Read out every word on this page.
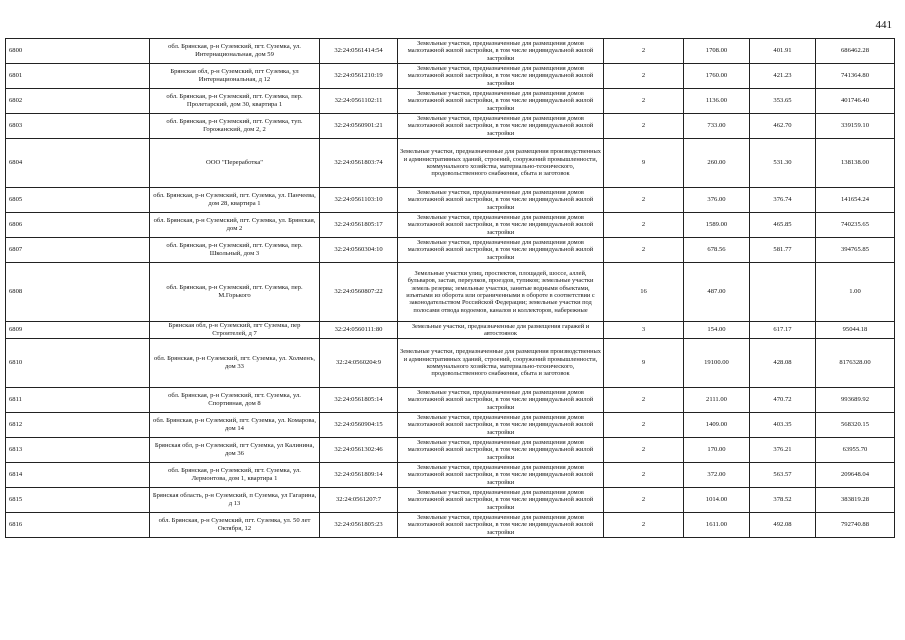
441
6800	обл. Брянская, р-н Суземский, пгт. Суземка, ул. Интернациональная, дом 59	32:24:0561414:54	Земельные участки, предназначенные для размещения домов малоэтажной жилой застройки, в том числе индивидуальной жилой застройки	2	1708.00	401.91	686462.28
6801	Брянская обл, р-н Суземский, пгт Суземка, ул Интернациональная, д 12	32:24:0561210:19	Земельные участки, предназначенные для размещения домов малоэтажной жилой застройки, в том числе индивидуальной жилой застройки	2	1760.00	421.23	741364.80
6802	обл. Брянская, р-н Суземский, пгт. Суземка, пер. Пролетарский, дом 30, квартира 1	32:24:0561102:11	Земельные участки, предназначенные для размещения домов малоэтажной жилой застройки, в том числе индивидуальной жилой застройки	2	1136.00	353.65	401746.40
6803	обл. Брянская, р-н Суземский, пгт. Суземка, туп. Горожанский, дом 2, 2	32:24:0560901:21	Земельные участки, предназначенные для размещения домов малоэтажной жилой застройки, в том числе индивидуальной жилой застройки	2	733.00	462.70	339159.10
6804	ООО "Переработка"	32:24:0561803:74	Земельные участки, предназначенные для размещения производственных и административных зданий, строений, сооружений промышленности, коммунального хозяйства, материально-технического, продовольственного снабжения, сбыта и заготовок	9	260.00	531.30	138138.00
6805	обл. Брянская, р-н Суземский, пгт. Суземка, ул. Панчеева, дом 28, квартира 1	32:24:0561103:10	Земельные участки, предназначенные для размещения домов малоэтажной жилой застройки, в том числе индивидуальной жилой застройки	2	376.00	376.74	141654.24
6806	обл. Брянская, р-н Суземский, пгт. Суземка, ул. Брянская, дом 2	32:24:0561805:17	Земельные участки, предназначенные для размещения домов малоэтажной жилой застройки, в том числе индивидуальной жилой застройки	2	1589.00	465.85	740235.65
6807	обл. Брянская, р-н Суземский, пгт. Суземка, пер. Школьный, дом 3	32:24:0560304:10	Земельные участки, предназначенные для размещения домов малоэтажной жилой застройки, в том числе индивидуальной жилой застройки	2	678.56	581.77	394765.85
6808	обл. Брянская, р-н Суземский, пгт. Суземка, пер. М.Горького	32:24:0560807:22	Земельные участки улиц, проспектов, площадей, шоссе, аллей, бульваров, застав, переулков, проездов, тупиков; земельные участки земель резерва; земельные участки, занятые водными объектами, изъятыми из оборота или ограниченными в обороте в соответствии с законодательством Российской Федерации; земельные участки под полосами отвода водоемов, каналов и коллекторов, набережные	16	487.00		1.00
6809	Брянская обл, р-н Суземский, пгт Суземка, пер Строителей, д 7	32:24:0560111:80	Земельные участки, предназначенные для размещения гаражей и автостоянок	3	154.00	617.17	95044.18
6810	обл. Брянская, р-н Суземский, пгт. Суземка, ул. Холменъ, дом 33	32:24:0560204:9	Земельные участки, предназначенные для размещения производственных и административных зданий, строений, сооружений промышленности, коммунального хозяйства, материально-технического, продовольственного снабжения, сбыта и заготовок	9	19100.00	428.08	8176328.00
6811	обл. Брянская, р-н Суземский, пгт. Суземка, ул. Спортивная, дом 8	32:24:0561805:14	Земельные участки, предназначенные для размещения домов малоэтажной жилой застройки, в том числе индивидуальной жилой застройки	2	2111.00	470.72	993689.92
6812	обл. Брянская, р-н Суземский, пгт. Суземка, ул. Комарова, дом 14	32:24:0560904:15	Земельные участки, предназначенные для размещения домов малоэтажной жилой застройки, в том числе индивидуальной жилой застройки	2	1409.00	403.35	568320.15
6813	Брянская обл, р-н Суземский, пгт Суземка, ул Калинина, дом 36	32:24:0561302:46	Земельные участки, предназначенные для размещения домов малоэтажной жилой застройки, в том числе индивидуальной жилой застройки	2	170.00	376.21	63955.70
6814	обл. Брянская, р-н Суземский, пгт. Суземка, ул. Лермонтова, дом 1, квартира 1	32:24:0561809:14	Земельные участки, предназначенные для размещения домов малоэтажной жилой застройки, в том числе индивидуальной жилой застройки	2	372.00	563.57	209648.04
6815	Брянская область, р-н Суземский, п Суземка, ул Гагарина, д 13	32:24:0561207:7	Земельные участки, предназначенные для размещения домов малоэтажной жилой застройки, в том числе индивидуальной жилой застройки	2	1014.00	378.52	383819.28
6816	обл. Брянская, р-н Суземский, пгт. Суземка, ул. 50 лет Октября, 12	32:24:0561805:23	Земельные участки, предназначенные для размещения домов малоэтажной жилой застройки, в том числе индивидуальной жилой застройки	2	1611.00	492.08	792740.88
